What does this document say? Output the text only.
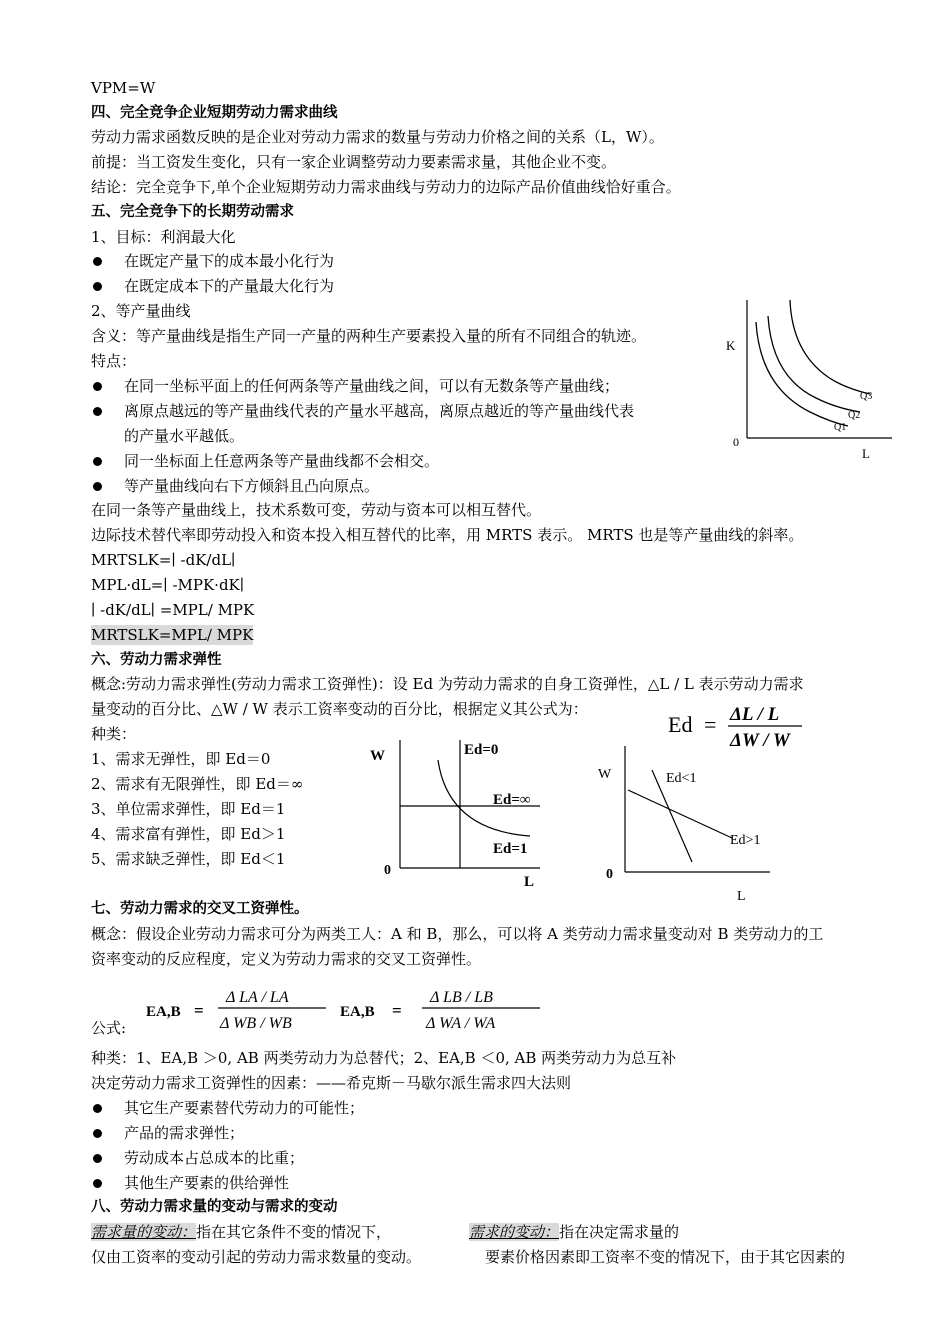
VPM=W
四、完全竞争企业短期劳动力需求曲线
劳动力需求函数反映的是企业对劳动力需求的数量与劳动力价格之间的关系（L，W）。
前提：当工资发生变化，只有一家企业调整劳动力要素需求量，其他企业不变。
结论：完全竞争下,单个企业短期劳动力需求曲线与劳动力的边际产品价值曲线恰好重合。
五、完全竞争下的长期劳动需求
1、目标：利润最大化
在既定产量下的成本最小化行为
在既定成本下的产量最大化行为
2、等产量曲线
含义：等产量曲线是指生产同一产量的两种生产要素投入量的所有不同组合的轨迹。
特点：
在同一坐标平面上的任何两条等产量曲线之间，可以有无数条等产量曲线；
离原点越远的等产量曲线代表的产量水平越高，离原点越近的等产量曲线代表
的产量水平越低。
同一坐标面上任意两条等产量曲线都不会相交。
等产量曲线向右下方倾斜且凸向原点。
在同一条等产量曲线上，技术系数可变，劳动与资本可以相互替代。
边际技术替代率即劳动投入和资本投入相互替代的比率，用 MRTS 表示。 MRTS 也是等产量曲线的斜率。
MRTSLK=∣ -dK/dL∣
MPL·dL=∣ -MPK·dK∣
∣ -dK/dL∣ =MPL/ MPK
MRTSLK=MPL/ MPK
六、劳动力需求弹性
概念:劳动力需求弹性(劳动力需求工资弹性)：设 Ed 为劳动力需求的自身工资弹性，△L / L 表示劳动力需求
量变动的百分比、△W / W 表示工资率变动的百分比，根据定义其公式为：
种类：
1、需求无弹性，即 Ed＝0
2、需求有无限弹性，即 Ed＝∞
3、单位需求弹性，即 Ed＝1
4、需求富有弹性，即 Ed＞1
5、需求缺乏弹性，即 Ed＜1
七、劳动力需求的交叉工资弹性。
概念：假设企业劳动力需求可分为两类工人：A 和 B，那么，可以将 A 类劳动力需求量变动对 B 类劳动力的工
资率变动的反应程度，定义为劳动力需求的交叉工资弹性。
公式:
种类：1、EA,B ＞0, AB 两类劳动力为总替代；2、EA,B ＜0, AB 两类劳动力为总互补
决定劳动力需求工资弹性的因素：——希克斯－马歇尔派生需求四大法则
其它生产要素替代劳动力的可能性；
产品的需求弹性；
劳动成本占总成本的比重；
其他生产要素的供给弹性
八、劳动力需求量的变动与需求的变动
需求量的变动：指在其它条件不变的情况下，	需求的变动：指在决定需求量的
仅由工资率的变动引起的劳动力需求数量的变动。	要素价格因素即工资率不变的情况下，由于其它因素的
K
0
L
Q3
Q2
Q1
Ed = ΔL / L
ΔW / W
W
0
L
Ed=0
Ed=∞
Ed=1
W
0
L
Ed<1
Ed>1
EA,B =
Δ LA / LA
Δ WB / WB
EA,B =
Δ LB / LB
Δ WA / WA
